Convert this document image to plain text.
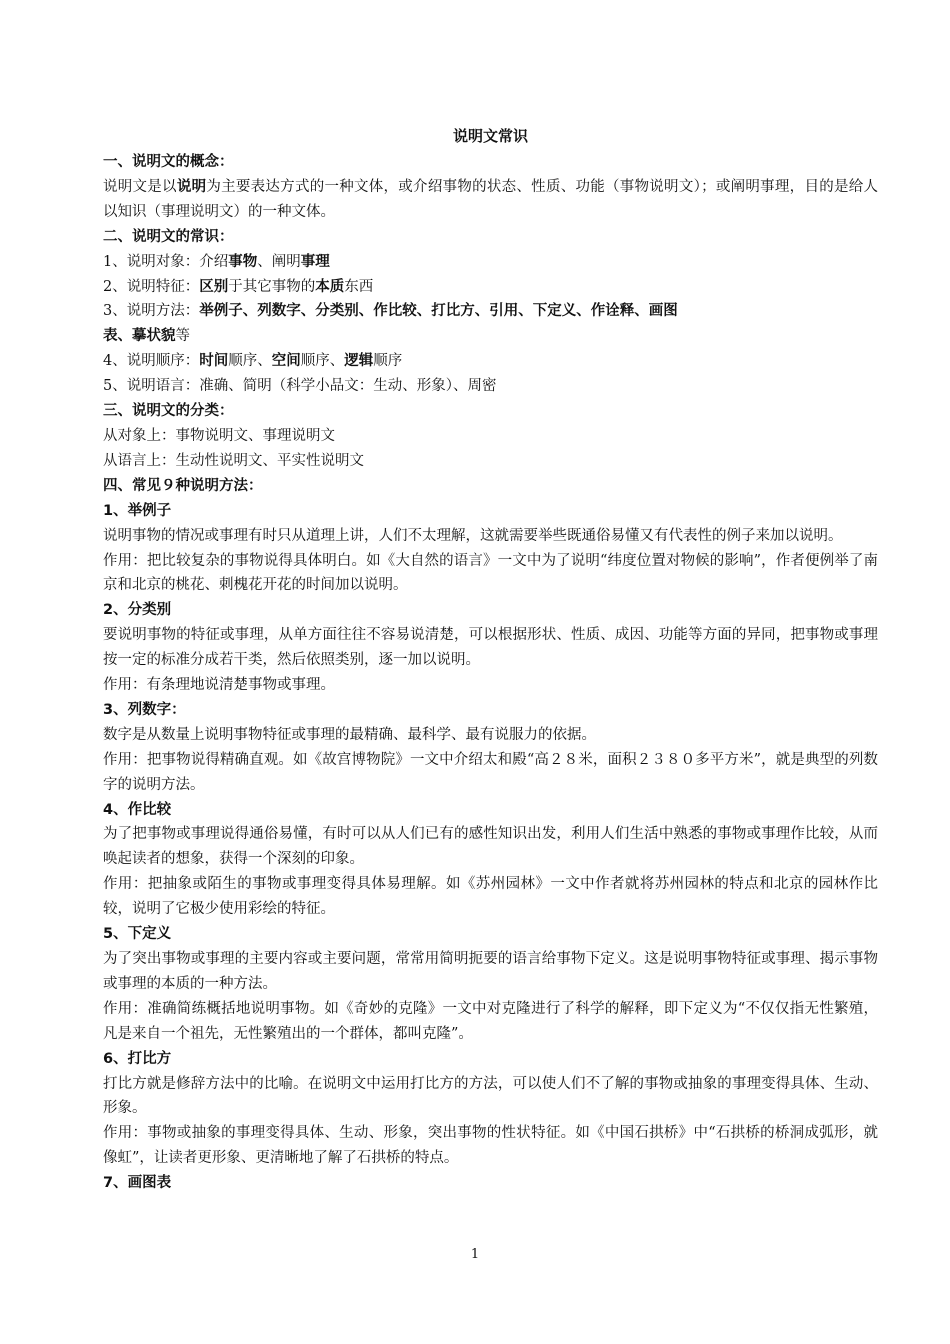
说明文常识
一、说明文的概念：
说明文是以说明为主要表达方式的一种文体，或介绍事物的状态、性质、功能（事物说明文）；或阐明事理，目的是给人以知识（事理说明文）的一种文体。
二、说明文的常识：
1、说明对象：介绍事物、阐明事理
2、说明特征：区别于其它事物的本质东西
3、说明方法：举例子、列数字、分类别、作比较、打比方、引用、下定义、作诠释、画图
表、摹状貌等
4、说明顺序：时间顺序、空间顺序、逻辑顺序
5、说明语言：准确、简明（科学小品文：生动、形象）、周密
三、说明文的分类：
从对象上：事物说明文、事理说明文
从语言上：生动性说明文、平实性说明文
四、常见９种说明方法：
1、举例子
说明事物的情况或事理有时只从道理上讲，人们不太理解，这就需要举些既通俗易懂又有代表性的例子来加以说明。
作用：把比较复杂的事物说得具体明白。如《大自然的语言》一文中为了说明“纬度位置对物候的影响”，作者便例举了南京和北京的桃花、刺槐花开花的时间加以说明。
2、分类别
要说明事物的特征或事理，从单方面往往不容易说清楚，可以根据形状、性质、成因、功能等方面的异同，把事物或事理按一定的标准分成若干类，然后依照类别，逐一加以说明。
作用：有条理地说清楚事物或事理。
3、列数字：
数字是从数量上说明事物特征或事理的最精确、最科学、最有说服力的依据。
作用：把事物说得精确直观。如《故宫博物院》一文中介绍太和殿“高２８米，面积２３８０多平方米”，就是典型的列数字的说明方法。
4、作比较
为了把事物或事理说得通俗易懂，有时可以从人们已有的感性知识出发，利用人们生活中熟悉的事物或事理作比较，从而唤起读者的想象，获得一个深刻的印象。
作用：把抽象或陌生的事物或事理变得具体易理解。如《苏州园林》一文中作者就将苏州园林的特点和北京的园林作比较，说明了它极少使用彩绘的特征。
5、下定义
为了突出事物或事理的主要内容或主要问题，常常用简明扼要的语言给事物下定义。这是说明事物特征或事理、揭示事物或事理的本质的一种方法。
作用：准确简练概括地说明事物。如《奇妙的克隆》一文中对克隆进行了科学的解释，即下定义为“不仅仅指无性繁殖，凡是来自一个祖先，无性繁殖出的一个群体，都叫克隆”。
6、打比方
打比方就是修辞方法中的比喻。在说明文中运用打比方的方法，可以使人们不了解的事物或抽象的事理变得具体、生动、形象。
作用：事物或抽象的事理变得具体、生动、形象，突出事物的性状特征。如《中国石拱桥》中“石拱桥的桥洞成弧形，就像虹”，让读者更形象、更清晰地了解了石拱桥的特点。
7、画图表
1
